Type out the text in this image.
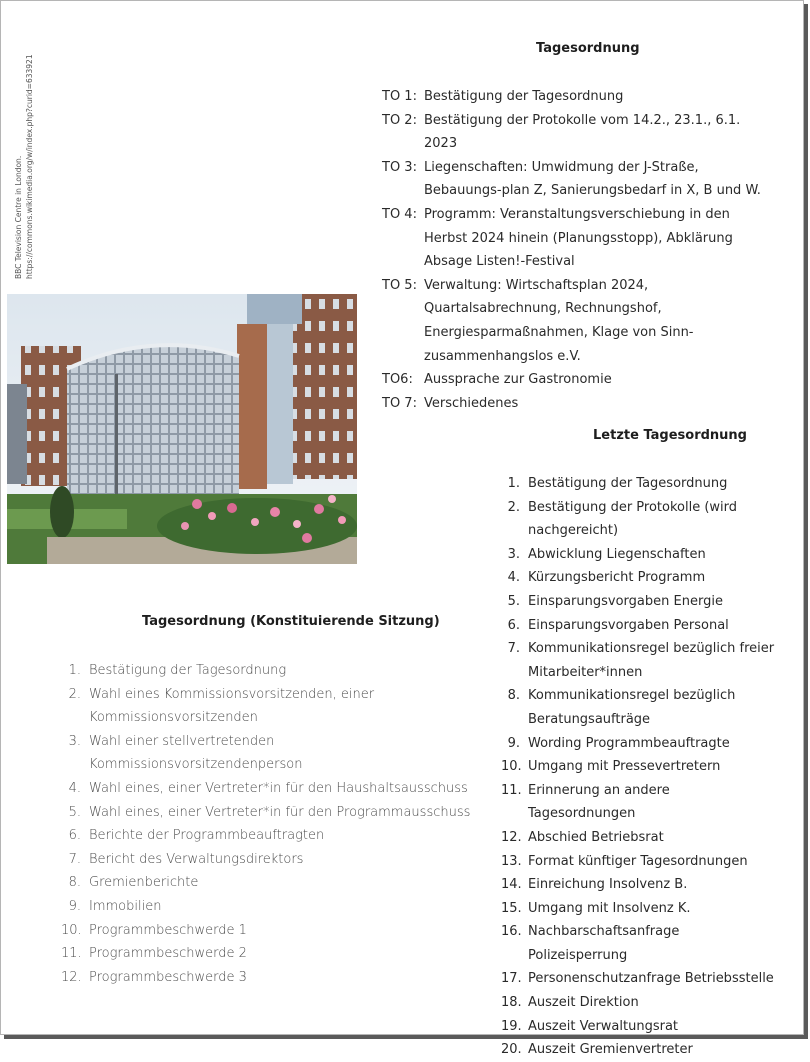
BBC Television Centre in London. https://commons.wikimedia.org/w/index.php?curid=633921
Tagesordnung
TO 1: Bestätigung der Tagesordnung
TO 2: Bestätigung der Protokolle vom 14.2., 23.1., 6.1. 2023
TO 3: Liegenschaften: Umwidmung der J-Straße, Bebauungs-plan Z, Sanierungsbedarf in X, B und W.
TO 4: Programm: Veranstaltungsverschiebung in den Herbst 2024 hinein (Planungsstopp), Abklärung Absage Listen!-Festival
TO 5: Verwaltung: Wirtschaftsplan 2024, Quartalsabrechnung, Rechnungshof, Energiesparmaßnahmen, Klage von Sinn-zusammenhangslos e.V.
TO6: Aussprache zur Gastronomie
TO 7: Verschiedenes
Letzte Tagesordnung
1. Bestätigung der Tagesordnung
2. Bestätigung der Protokolle (wird nachgereicht)
3. Abwicklung Liegenschaften
4. Kürzungsbericht Programm
5. Einsparungsvorgaben Energie
6. Einsparungsvorgaben Personal
7. Kommunikationsregel bezüglich freier Mitarbeiter*innen
8. Kommunikationsregel bezüglich Beratungsaufträge
9. Wording Programmbeauftragte
10. Umgang mit Pressevertretern
11. Erinnerung an andere Tagesordnungen
12. Abschied Betriebsrat
13. Format künftiger Tagesordnungen
14. Einreichung Insolvenz B.
15. Umgang mit Insolvenz K.
16. Nachbarschaftsanfrage Polizeisperrung
17. Personenschutzanfrage Betriebsstelle
18. Auszeit Direktion
19. Auszeit Verwaltungsrat
20. Auszeit Gremienvertreter
Tagesordnung (Konstituierende Sitzung)
1. Bestätigung der Tagesordnung
2. Wahl eines Kommissionsvorsitzenden, einer Kommissionsvorsitzenden
3. Wahl einer stellvertretenden Kommissionsvorsitzendenperson
4. Wahl eines, einer Vertreter*in für den Haushaltsausschuss
5. Wahl eines, einer Vertreter*in für den Programmausschuss
6. Berichte der Programmbeauftragten
7. Bericht des Verwaltungsdirektors
8. Gremienberichte
9. Immobilien
10. Programmbeschwerde 1
11. Programmbeschwerde 2
12. Programmbeschwerde 3
